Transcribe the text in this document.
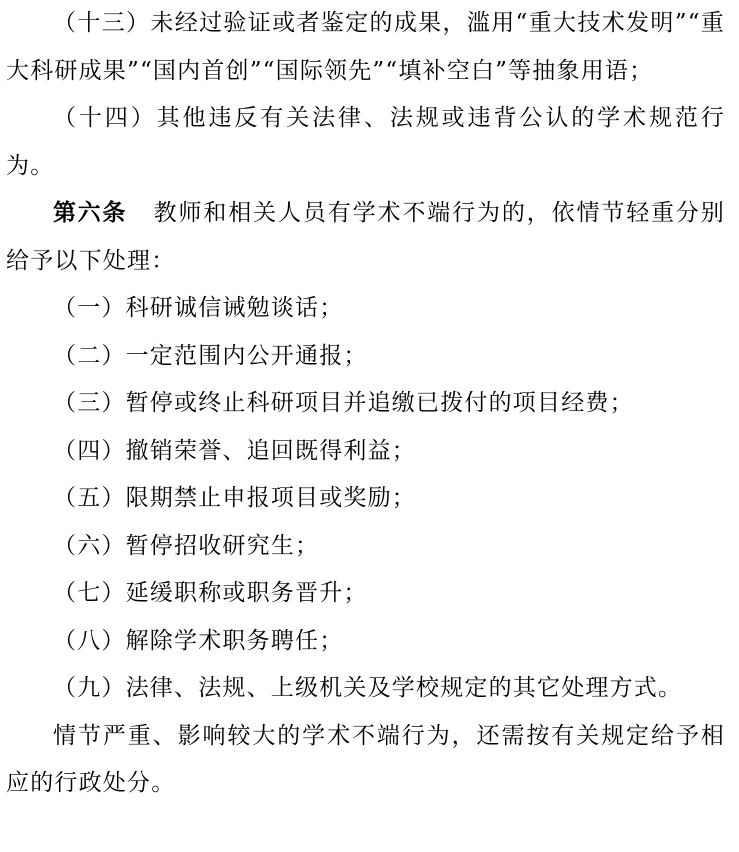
（十三）未经过验证或者鉴定的成果，滥用“重大技术发明”“重大科研成果”“国内首创”“国际领先”“填补空白”等抽象用语；

（十四）其他违反有关法律、法规或违背公认的学术规范行为。

第六条 教师和相关人员有学术不端行为的，依情节轻重分别给予以下处理：

（一）科研诚信诫勉谈话；

（二）一定范围内公开通报；

（三）暂停或终止科研项目并追缴已拨付的项目经费；

（四）撤销荣誉、追回既得利益；

（五）限期禁止申报项目或奖励；

（六）暂停招收研究生；

（七）延缓职称或职务晋升；

（八）解除学术职务聘任；

（九）法律、法规、上级机关及学校规定的其它处理方式。

情节严重、影响较大的学术不端行为，还需按有关规定给予相应的行政处分。
